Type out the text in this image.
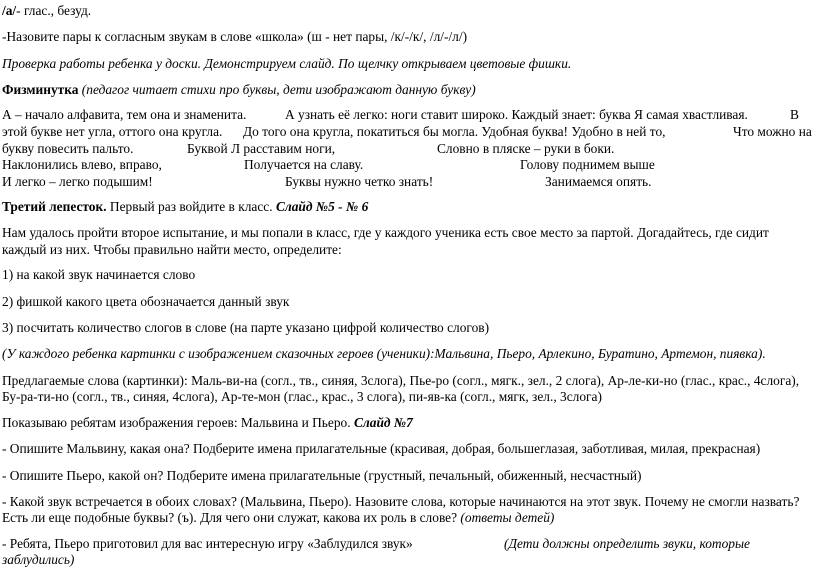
/а/- глас., безуд.
-Назовите пары к согласным звукам в слове «школа» (ш - нет пары, /к/-/к/, /л/-/л/)
Проверка работы ребенка у доски. Демонстрируем слайд. По щелчку открываем цветовые фишки.
Физминутка (педагог читает стихи про буквы, дети изображают данную букву)
А – начало алфавита, тем она и знаменита.	А узнать её легко: ноги ставит широко. Каждый знает: буква Я самая хвастливая.	В
этой букве нет угла, оттого она кругла. До того она кругла, покатиться бы могла. Удобная буква! Удобно в ней то,	Что можно на
букву повесить пальто.	Буквой Л расставим ноги,	Словно в пляске – руки в боки.
Наклонились влево, вправо,	Получается на славу.	Голову поднимем выше
И легко – легко подышим!	Буквы нужно четко знать!	Занимаемся опять.
Третий лепесток. Первый раз войдите в класс. Слайд №5 - № 6
Нам удалось пройти второе испытание, и мы попали в класс, где у каждого ученика есть свое место за партой. Догадайтесь, где сидит
каждый из них. Чтобы правильно найти место, определите:
1) на какой звук начинается слово
2) фишкой какого цвета обозначается данный звук
3) посчитать количество слогов в слове (на парте указано цифрой количество слогов)
(У каждого ребенка картинки с изображением сказочных героев (ученики):Мальвина, Пьеро, Арлекино, Буратино, Артемон, пиявка).
Предлагаемые слова (картинки): Маль-ви-на (согл., тв., синяя, 3слога), Пье-ро (согл., мягк., зел., 2 слога), Ар-ле-ки-но (глас., крас., 4слога),
Бу-ра-ти-но (согл., тв., синяя, 4слога), Ар-те-мон (глас., крас., 3 слога), пи-яв-ка (согл., мягк, зел., 3слога)
Показываю ребятам изображения героев: Мальвина и Пьеро. Слайд №7
- Опишите Мальвину, какая она? Подберите имена прилагательные (красивая, добрая, большеглазая, заботливая, милая, прекрасная)
- Опишите Пьеро, какой он? Подберите имена прилагательные (грустный, печальный, обиженный, несчастный)
- Какой звук встречается в обоих словах? (Мальвина, Пьеро). Назовите слова, которые начинаются на этот звук. Почему не смогли назвать?
Есть ли еще подобные буквы? (ъ). Для чего они служат, какова их роль в слове? (ответы детей)
- Ребята, Пьеро приготовил для вас интересную игру «Заблудился звук»	(Дети должны определить звуки, которые
заблудились)
